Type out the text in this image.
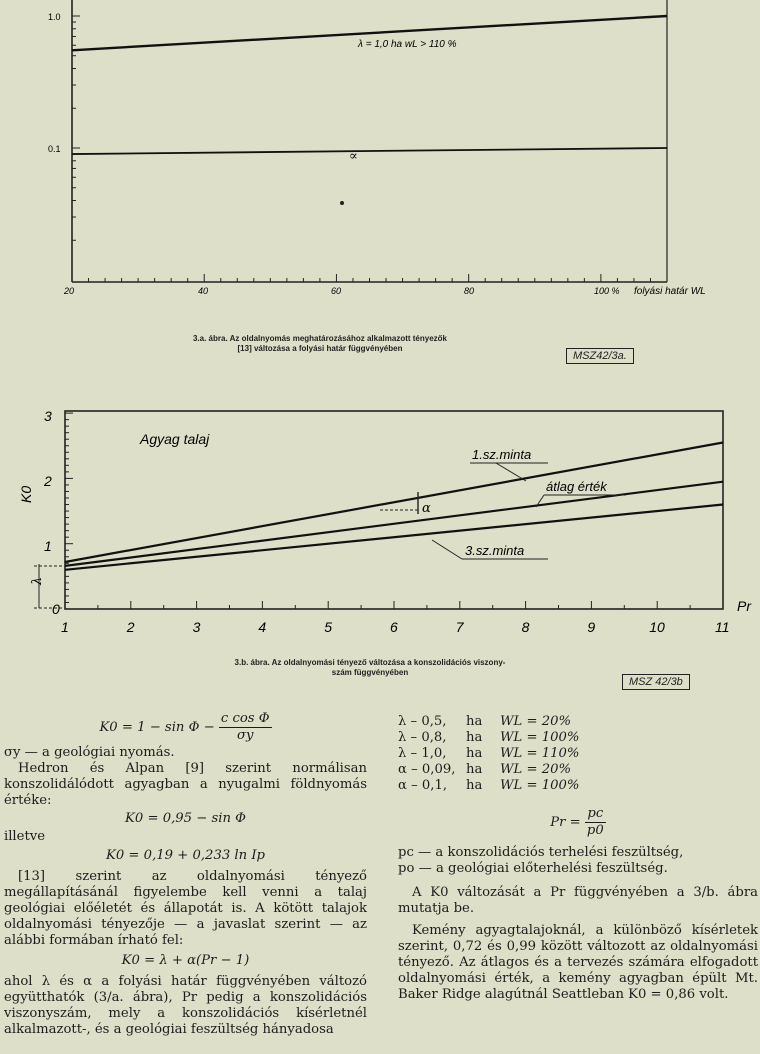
1.0
0.1
λ = 1,0 ha wL > 110 %
∝
20	40	60	80	100 % folyási határ WL
3
2
1
0
K0
Agyag talaj
λ
α
1.sz.minta
átlag érték
3.sz.minta
1	2	3	4	5	6	7	8	9	10	11
Pr
3.a. ábra. Az oldalnyomás meghatározásához alkalmazott tényezők
[13] változása a folyási határ függvényében
MSZ42/3a.
3.b. ábra. Az oldalnyomási tényező változása a konszolidációs viszony-
szám függvényében
MSZ 42/3b

$K0 = 1 - \sin \Phi - \frac{\text{c cos Φ}}{\sigma y}$

σy — a geológiai nyomás.

Hedron és Alpan [9] szerint normálisan konszolidálódott agyagban a nyugalmi földnyomás értéke:

K0 = 0,95 − sin Φ

illetve

K0 = 0,19 + 0,233 ln Ip

[13] szerint az oldalnyomási tényező megállapításánál figyelembe kell venni a talaj geológiai előéletét és állapotát is. A kötött talajok oldalnyomási tényezője — a javaslat szerint — az alábbi formában írható fel:

K0 = λ + α(Pr − 1)

ahol λ és α a folyási határ függvényében változó együtthatók (3/a. ábra), Pr pedig a konszolidációs viszonyszám, mely a konszolidációs kísérletnél alkalmazott-, és a geológiai feszültség hányadosa

λ – 0,5,	ha	WL = 20%
λ – 0,8,	ha	WL = 100%
λ – 1,0,	ha	WL = 110%
α – 0,09, ha	WL = 20%
α – 0,1,	ha	WL = 100%

$Pr = \frac{pc}{p0}$

pc — a konszolidációs terhelési feszültség,

po — a geológiai előterhelési feszültség.

A K0 változását a Pr függvényében a 3/b. ábra mutatja be.

Kemény agyagtalajoknál, a különböző kísérletek szerint, 0,72 és 0,99 között változott az oldalnyomási tényező. Az átlagos és a tervezés számára elfogadott oldalnyomási érték, a kemény agyagban épült Mt. Baker Ridge alagútnál Seattleban K0 = 0,86 volt.
